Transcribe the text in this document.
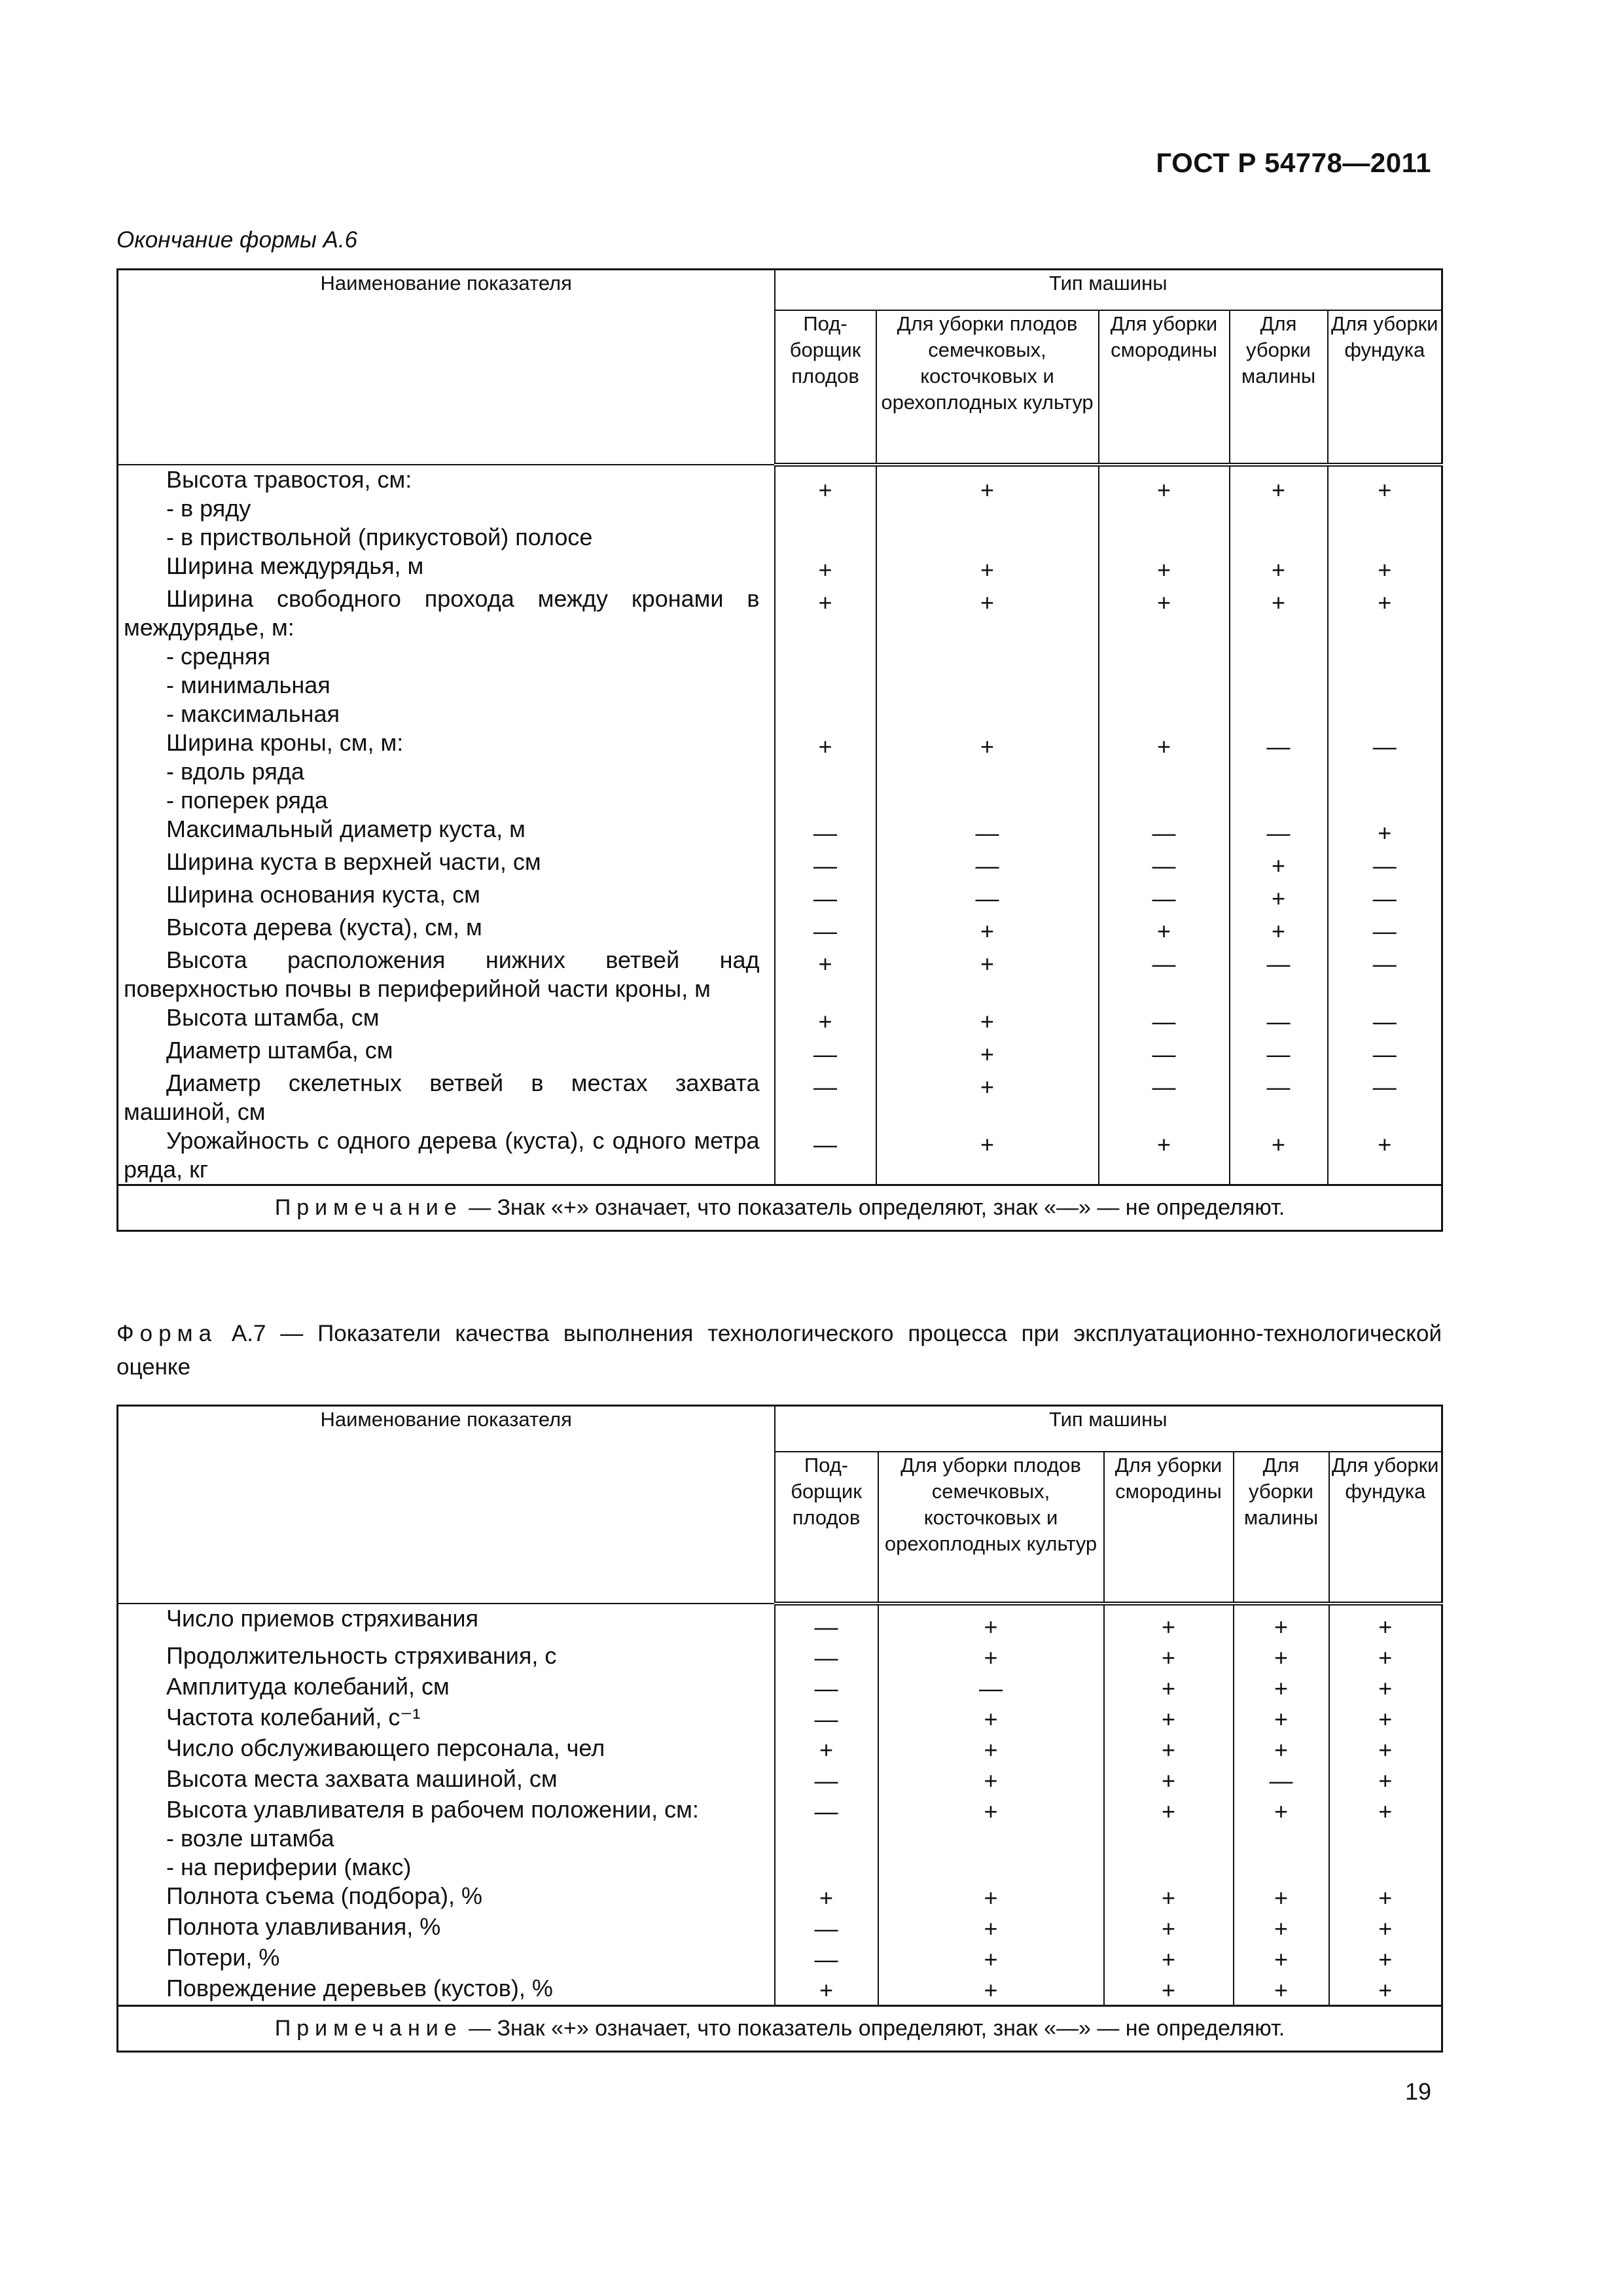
ГОСТ Р 54778—2011
Окончание формы А.6
Наименование показателя	Тип машины				
	Под-борщик плодов	Для уборки плодов семечковых, косточковых и орехоплодных культур	Для уборки смородины	Для уборки малины	Для уборки фундука

Высота травостоя, см:
- в ряду
- в приствольной (прикустовой) полосе	+	+	+	+	+

Ширина междурядья, м	+	+	+	+	+

Ширина свободного прохода между кронами в междурядье, м:
- средняя
- минимальная
- максимальная	+	+	+	+	+

Ширина кроны, см, м:
- вдоль ряда
- поперек ряда	+	+	+	—	—

Максимальный диаметр куста, м	—	—	—	—	+

Ширина куста в верхней части, см	—	—	—	+	—

Ширина основания куста, см	—	—	—	+	—

Высота дерева (куста), см, м	—	+	+	+	—

Высота расположения нижних ветвей над поверхностью почвы в периферийной части кроны, м	+	+	—	—	—

Высота штамба, см	+	+	—	—	—

Диаметр штамба, см	—	+	—	—	—

Диаметр скелетных ветвей в местах захвата машиной, см	—	+	—	—	—

Урожайность с одного дерева (куста), с одного метра ряда, кг	—	+	+	+	+
Примечание — Знак «+» означает, что показатель определяют, знак «—» — не определяют.					
Форма А.7 — Показатели качества выполнения технологического процесса при эксплуатационно-технологической оценке
Наименование показателя	Тип машины				
	Под-борщик плодов	Для уборки плодов семечковых, косточковых и орехоплодных культур	Для уборки смородины	Для уборки малины	Для уборки фундука

Число приемов стряхивания	—	+	+	+	+

Продолжительность стряхивания, с	—	+	+	+	+

Амплитуда колебаний, см	—	—	+	+	+

Частота колебаний, с⁻¹	—	+	+	+	+

Число обслуживающего персонала, чел	+	+	+	+	+

Высота места захвата машиной, см	—	+	+	—	+

Высота улавливателя в рабочем положении, см:
- возле штамба
- на периферии (макс)	—	+	+	+	+

Полнота съема (подбора), %	+	+	+	+	+

Полнота улавливания, %	—	+	+	+	+

Потери, %	—	+	+	+	+

Повреждение деревьев (кустов), %	+	+	+	+	+
Примечание — Знак «+» означает, что показатель определяют, знак «—» — не определяют.					
19
